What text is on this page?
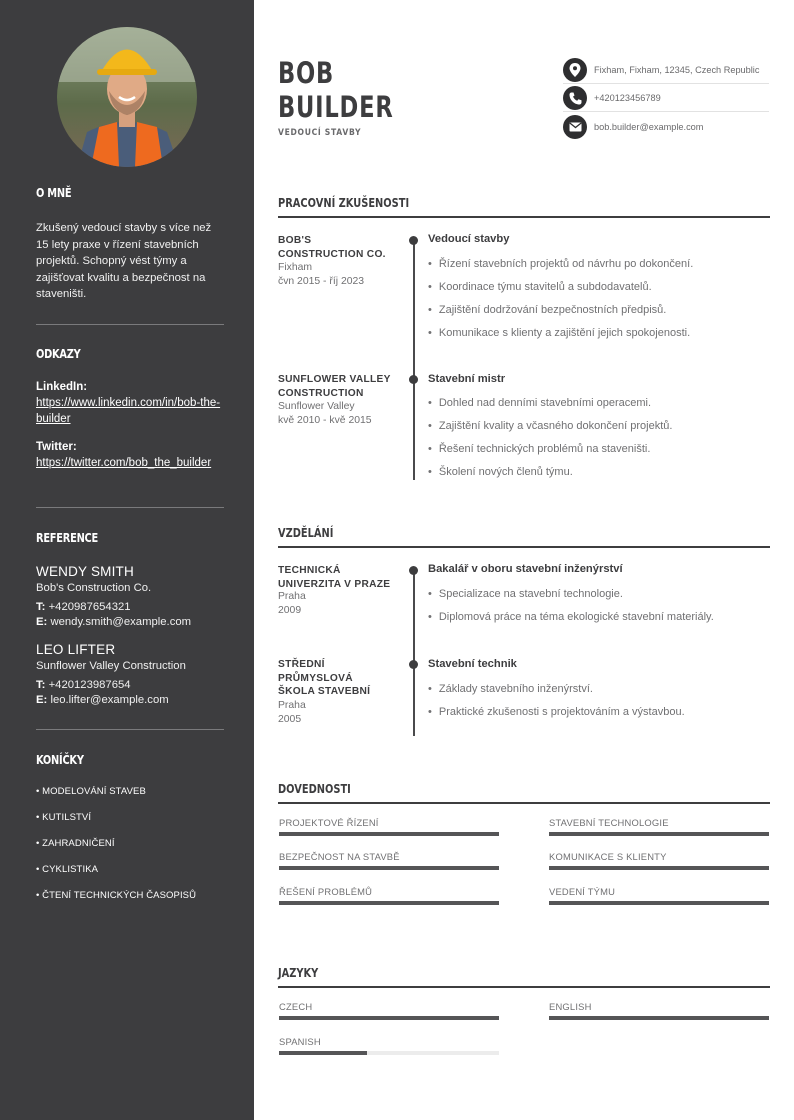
O MNĚ
Zkušený vedoucí stavby s více než 15 lety praxe v řízení stavebních projektů. Schopný vést týmy a zajišťovat kvalitu a bezpečnost na staveništi.
ODKAZY
LinkedIn:
https://www.linkedin.com/in/bob-the-builder
Twitter:
https://twitter.com/bob_the_builder
REFERENCE
WENDY SMITH
Bob's Construction Co.
T: +420987654321
E: wendy.smith@example.com
LEO LIFTER
Sunflower Valley Construction
T: +420123987654
E: leo.lifter@example.com
KONÍČKY
• MODELOVÁNÍ STAVEB
• KUTILSTVÍ
• ZAHRADNIČENÍ
• CYKLISTIKA
• ČTENÍ TECHNICKÝCH ČASOPISŮ
BOB
BUILDER
VEDOUCÍ STAVBY
Fixham, Fixham, 12345, Czech Republic
+420123456789
bob.builder@example.com
PRACOVNÍ ZKUŠENOSTI
BOB'S
CONSTRUCTION CO.
Fixham
čvn 2015 - říj 2023
Vedoucí stavby
• Řízení stavebních projektů od návrhu po dokončení.
• Koordinace týmu stavitelů a subdodavatelů.
• Zajištění dodržování bezpečnostních předpisů.
• Komunikace s klienty a zajištění jejich spokojenosti.
SUNFLOWER VALLEY
CONSTRUCTION
Sunflower Valley
kvě 2010 - kvě 2015
Stavební mistr
• Dohled nad denními stavebními operacemi.
• Zajištění kvality a včasného dokončení projektů.
• Řešení technických problémů na staveništi.
• Školení nových členů týmu.
VZDĚLÁNÍ
TECHNICKÁ
UNIVERZITA V PRAZE
Praha
2009
Bakalář v oboru stavební inženýrství
• Specializace na stavební technologie.
• Diplomová práce na téma ekologické stavební materiály.
STŘEDNÍ
PRŮMYSLOVÁ
ŠKOLA STAVEBNÍ
Praha
2005
Stavební technik
• Základy stavebního inženýrství.
• Praktické zkušenosti s projektováním a výstavbou.
DOVEDNOSTI
PROJEKTOVÉ ŘÍZENÍ	STAVEBNÍ TECHNOLOGIE
BEZPEČNOST NA STAVBĚ	KOMUNIKACE S KLIENTY
ŘEŠENÍ PROBLÉMŮ	VEDENÍ TÝMU
JAZYKY
CZECH	ENGLISH
SPANISH
